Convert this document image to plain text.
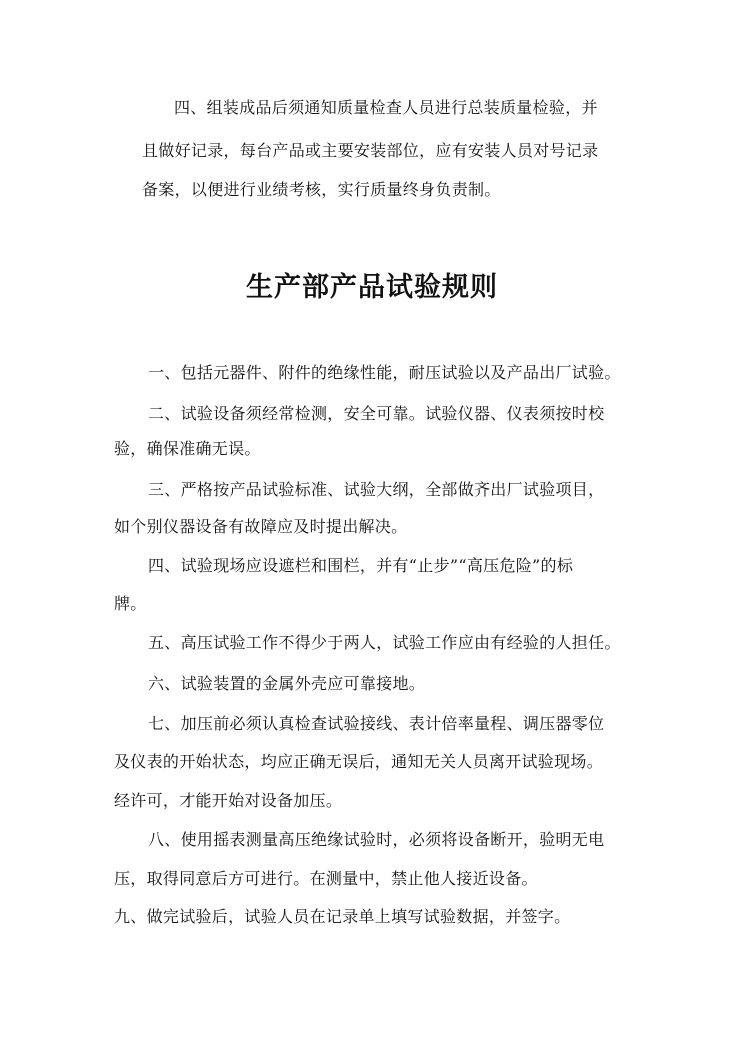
四、组装成品后须通知质量检查人员进行总装质量检验，并
且做好记录，每台产品或主要安装部位，应有安装人员对号记录
备案，以便进行业绩考核，实行质量终身负责制。
生产部产品试验规则
一、包括元器件、附件的绝缘性能，耐压试验以及产品出厂试验。
二、试验设备须经常检测，安全可靠。试验仪器、仪表须按时校
验，确保准确无误。
三、严格按产品试验标准、试验大纲，全部做齐出厂试验项目，
如个别仪器设备有故障应及时提出解决。
四、试验现场应设遮栏和围栏，并有“止步”“高压危险”的标
牌。
五、高压试验工作不得少于两人，试验工作应由有经验的人担任。
六、试验装置的金属外壳应可靠接地。
七、加压前必须认真检查试验接线、表计倍率量程、调压器零位
及仪表的开始状态，均应正确无误后，通知无关人员离开试验现场。
经许可，才能开始对设备加压。
八、使用摇表测量高压绝缘试验时，必须将设备断开，验明无电
压，取得同意后方可进行。在测量中，禁止他人接近设备。
九、做完试验后，试验人员在记录单上填写试验数据，并签字。
